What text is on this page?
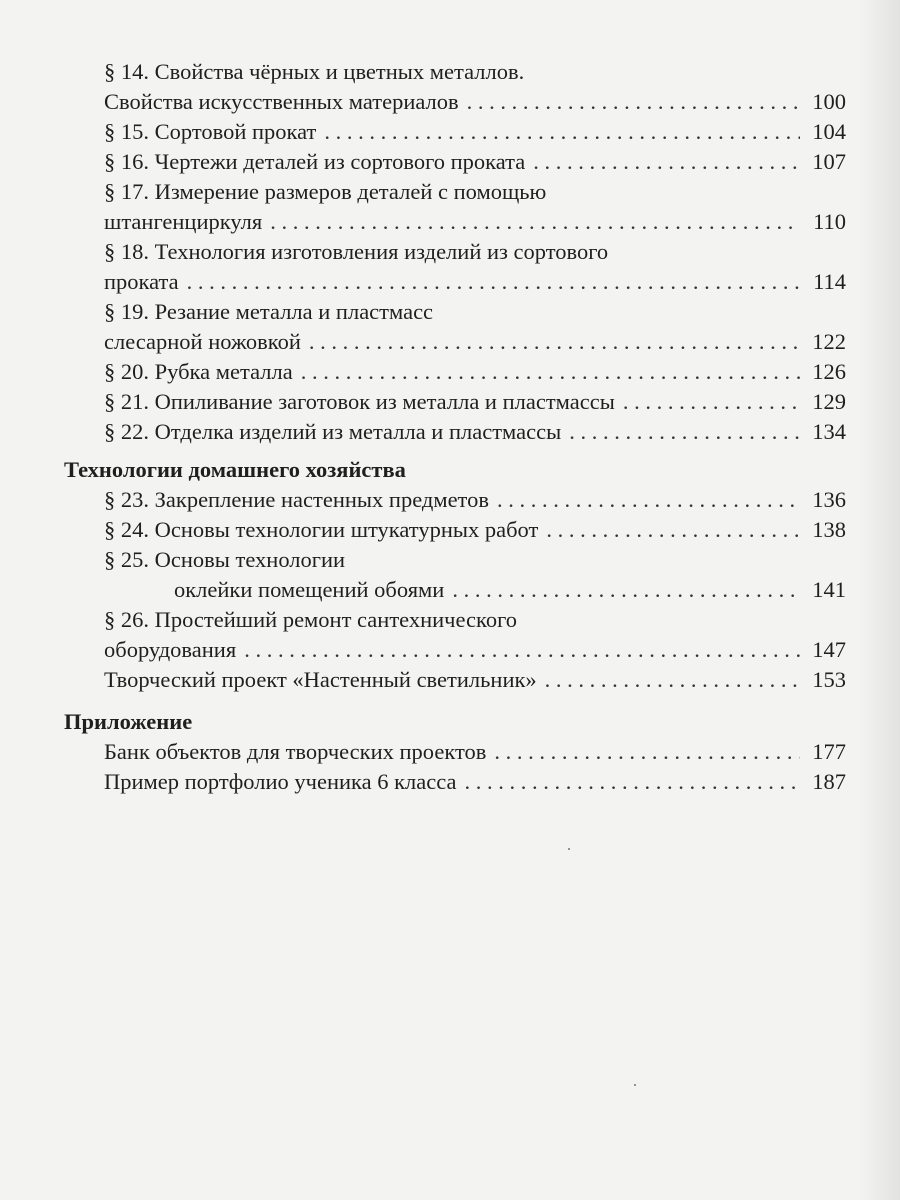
§ 14. Свойства чёрных и цветных металлов.
Свойства искусственных материалов . . .	100
§ 15. Сортовой прокат . . .	104
§ 16. Чертежи деталей из сортового проката . . .	107
§ 17. Измерение размеров деталей с помощью
штангенциркуля . . .	110
§ 18. Технология изготовления изделий из сортового
проката . . .	114
§ 19. Резание металла и пластмасс
слесарной ножовкой . . .	122
§ 20. Рубка металла . . .	126
§ 21. Опиливание заготовок из металла и пластмассы . . .	129
§ 22. Отделка изделий из металла и пластмассы . . .	134
Технологии домашнего хозяйства
§ 23. Закрепление настенных предметов . . .	136
§ 24. Основы технологии штукатурных работ . . .	138
§ 25. Основы технологии
оклейки помещений обоями . . .	141
§ 26. Простейший ремонт сантехнического
оборудования . . .	147
Творческий проект «Настенный светильник» . . .	153
Приложение
Банк объектов для творческих проектов . . .	177
Пример портфолио ученика 6 класса . . .	187
